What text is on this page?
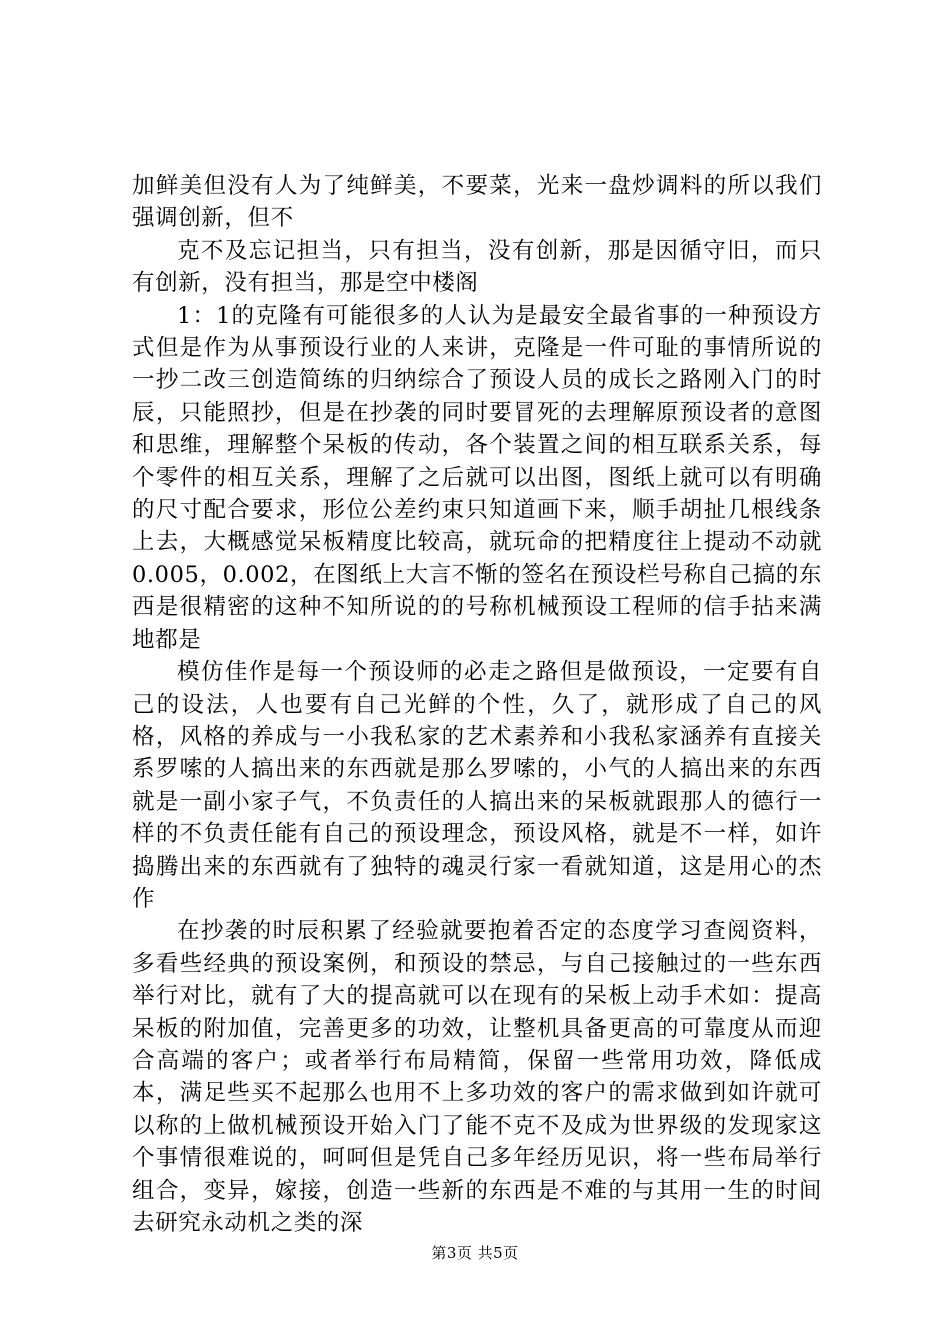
加鲜美但没有人为了纯鲜美，不要菜，光来一盘炒调料的所以我们强调创新，但不

克不及忘记担当，只有担当，没有创新，那是因循守旧，而只有创新，没有担当，那是空中楼阁

1：1的克隆有可能很多的人认为是最安全最省事的一种预设方式但是作为从事预设行业的人来讲，克隆是一件可耻的事情所说的一抄二改三创造简练的归纳综合了预设人员的成长之路刚入门的时辰，只能照抄，但是在抄袭的同时要冒死的去理解原预设者的意图和思维，理解整个呆板的传动，各个装置之间的相互联系关系，每个零件的相互关系，理解了之后就可以出图，图纸上就可以有明确的尺寸配合要求，形位公差约束只知道画下来，顺手胡扯几根线条上去，大概感觉呆板精度比较高，就玩命的把精度往上提动不动就0.005，0.002，在图纸上大言不惭的签名在预设栏号称自己搞的东西是很精密的这种不知所说的的号称机械预设工程师的信手拈来满地都是

模仿佳作是每一个预设师的必走之路但是做预设，一定要有自己的设法，人也要有自己光鲜的个性，久了，就形成了自己的风格，风格的养成与一小我私家的艺术素养和小我私家涵养有直接关系罗嗦的人搞出来的东西就是那么罗嗦的，小气的人搞出来的东西就是一副小家子气，不负责任的人搞出来的呆板就跟那人的德行一样的不负责任能有自己的预设理念，预设风格，就是不一样，如许捣腾出来的东西就有了独特的魂灵行家一看就知道，这是用心的杰作

在抄袭的时辰积累了经验就要抱着否定的态度学习查阅资料，多看些经典的预设案例，和预设的禁忌，与自己接触过的一些东西举行对比，就有了大的提高就可以在现有的呆板上动手术如：提高呆板的附加值，完善更多的功效，让整机具备更高的可靠度从而迎合高端的客户；或者举行布局精简，保留一些常用功效，降低成本，满足些买不起那么也用不上多功效的客户的需求做到如许就可以称的上做机械预设开始入门了能不克不及成为世界级的发现家这个事情很难说的，呵呵但是凭自己多年经历见识，将一些布局举行组合，变异，嫁接，创造一些新的东西是不难的与其用一生的时间去研究永动机之类的深

第3页 共5页
